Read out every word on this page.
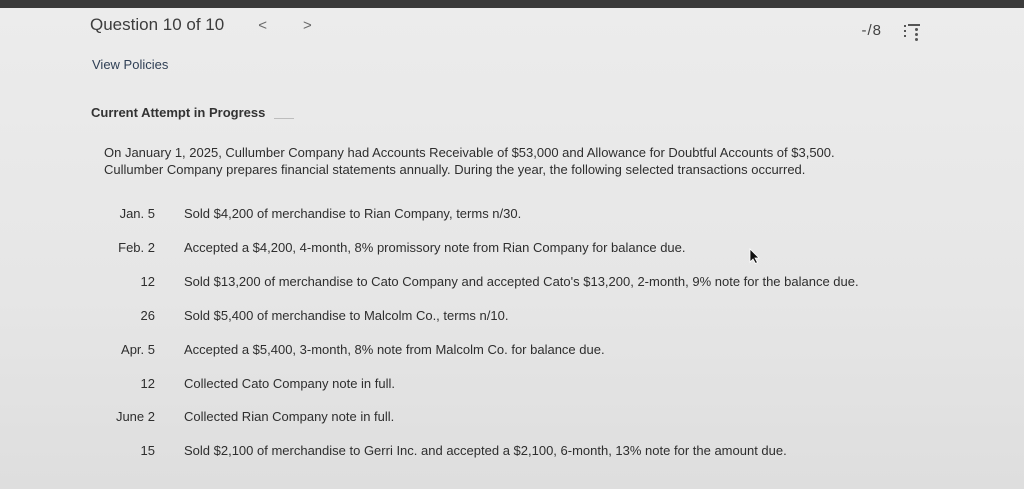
Question 10 of 10 < >	-/8
View Policies
Current Attempt in Progress

On January 1, 2025, Cullumber Company had Accounts Receivable of $53,000 and Allowance for Doubtful Accounts of $3,500.

Cullumber Company prepares financial statements annually. During the year, the following selected transactions occurred.

Jan. 5 Sold $4,200 of merchandise to Rian Company, terms n/30.
Feb. 2 Accepted a $4,200, 4-month, 8% promissory note from Rian Company for balance due.
12 Sold $13,200 of merchandise to Cato Company and accepted Cato's $13,200, 2-month, 9% note for the balance due.
26 Sold $5,400 of merchandise to Malcolm Co., terms n/10.
Apr. 5 Accepted a $5,400, 3-month, 8% note from Malcolm Co. for balance due.
12 Collected Cato Company note in full.
June 2 Collected Rian Company note in full.
15 Sold $2,100 of merchandise to Gerri Inc. and accepted a $2,100, 6-month, 13% note for the amount due.
